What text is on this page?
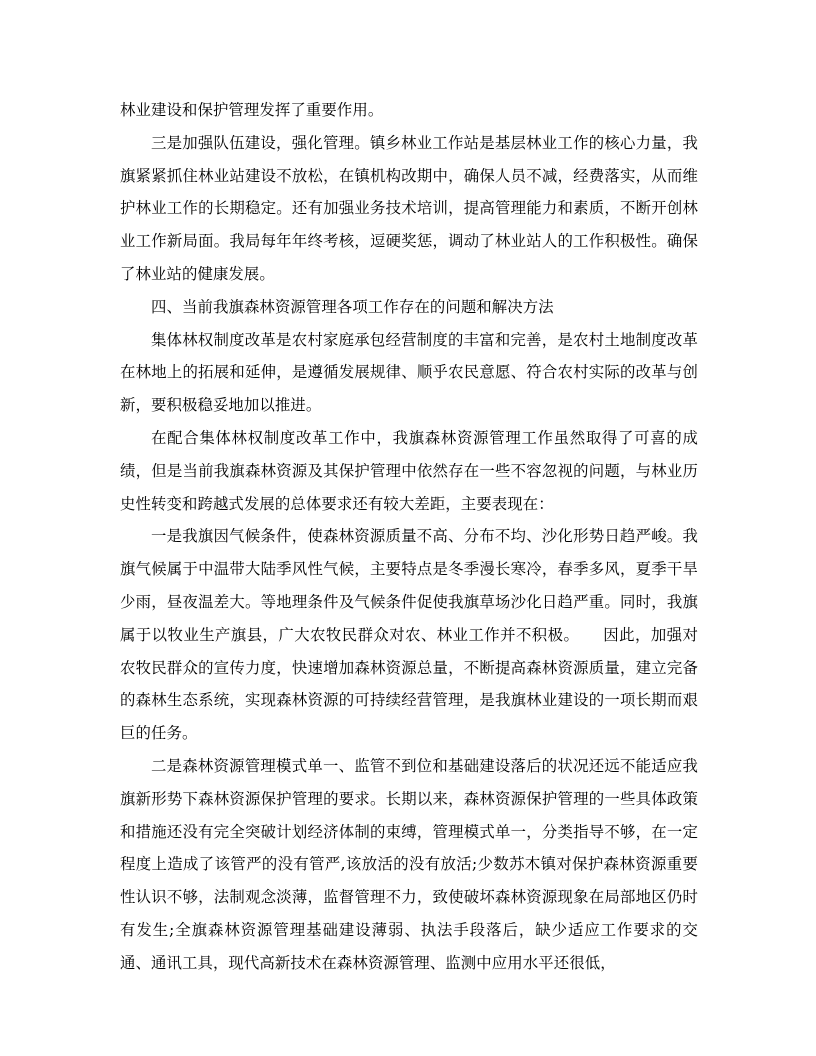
林业建设和保护管理发挥了重要作用。

三是加强队伍建设，强化管理。镇乡林业工作站是基层林业工作的核心力量，我旗紧紧抓住林业站建设不放松，在镇机构改期中，确保人员不减，经费落实，从而维护林业工作的长期稳定。还有加强业务技术培训，提高管理能力和素质，不断开创林业工作新局面。我局每年年终考核，逗硬奖惩，调动了林业站人的工作积极性。确保了林业站的健康发展。

四、当前我旗森林资源管理各项工作存在的问题和解决方法

集体林权制度改革是农村家庭承包经营制度的丰富和完善，是农村土地制度改革在林地上的拓展和延伸，是遵循发展规律、顺乎农民意愿、符合农村实际的改革与创新，要积极稳妥地加以推进。

在配合集体林权制度改革工作中，我旗森林资源管理工作虽然取得了可喜的成绩，但是当前我旗森林资源及其保护管理中依然存在一些不容忽视的问题，与林业历史性转变和跨越式发展的总体要求还有较大差距，主要表现在：

一是我旗因气候条件，使森林资源质量不高、分布不均、沙化形势日趋严峻。我旗气候属于中温带大陆季风性气候，主要特点是冬季漫长寒冷，春季多风，夏季干旱少雨，昼夜温差大。等地理条件及气候条件促使我旗草场沙化日趋严重。同时，我旗属于以牧业生产旗县，广大农牧民群众对农、林业工作并不积极。　　因此，加强对农牧民群众的宣传力度，快速增加森林资源总量，不断提高森林资源质量，建立完备的森林生态系统，实现森林资源的可持续经营管理，是我旗林业建设的一项长期而艰巨的任务。

二是森林资源管理模式单一、监管不到位和基础建设落后的状况还远不能适应我旗新形势下森林资源保护管理的要求。长期以来，森林资源保护管理的一些具体政策和措施还没有完全突破计划经济体制的束缚，管理模式单一，分类指导不够，在一定程度上造成了该管严的没有管严,该放活的没有放活;少数苏木镇对保护森林资源重要性认识不够，法制观念淡薄，监督管理不力，致使破坏森林资源现象在局部地区仍时有发生;全旗森林资源管理基础建设薄弱、执法手段落后，缺少适应工作要求的交通、通讯工具，现代高新技术在森林资源管理、监测中应用水平还很低，
